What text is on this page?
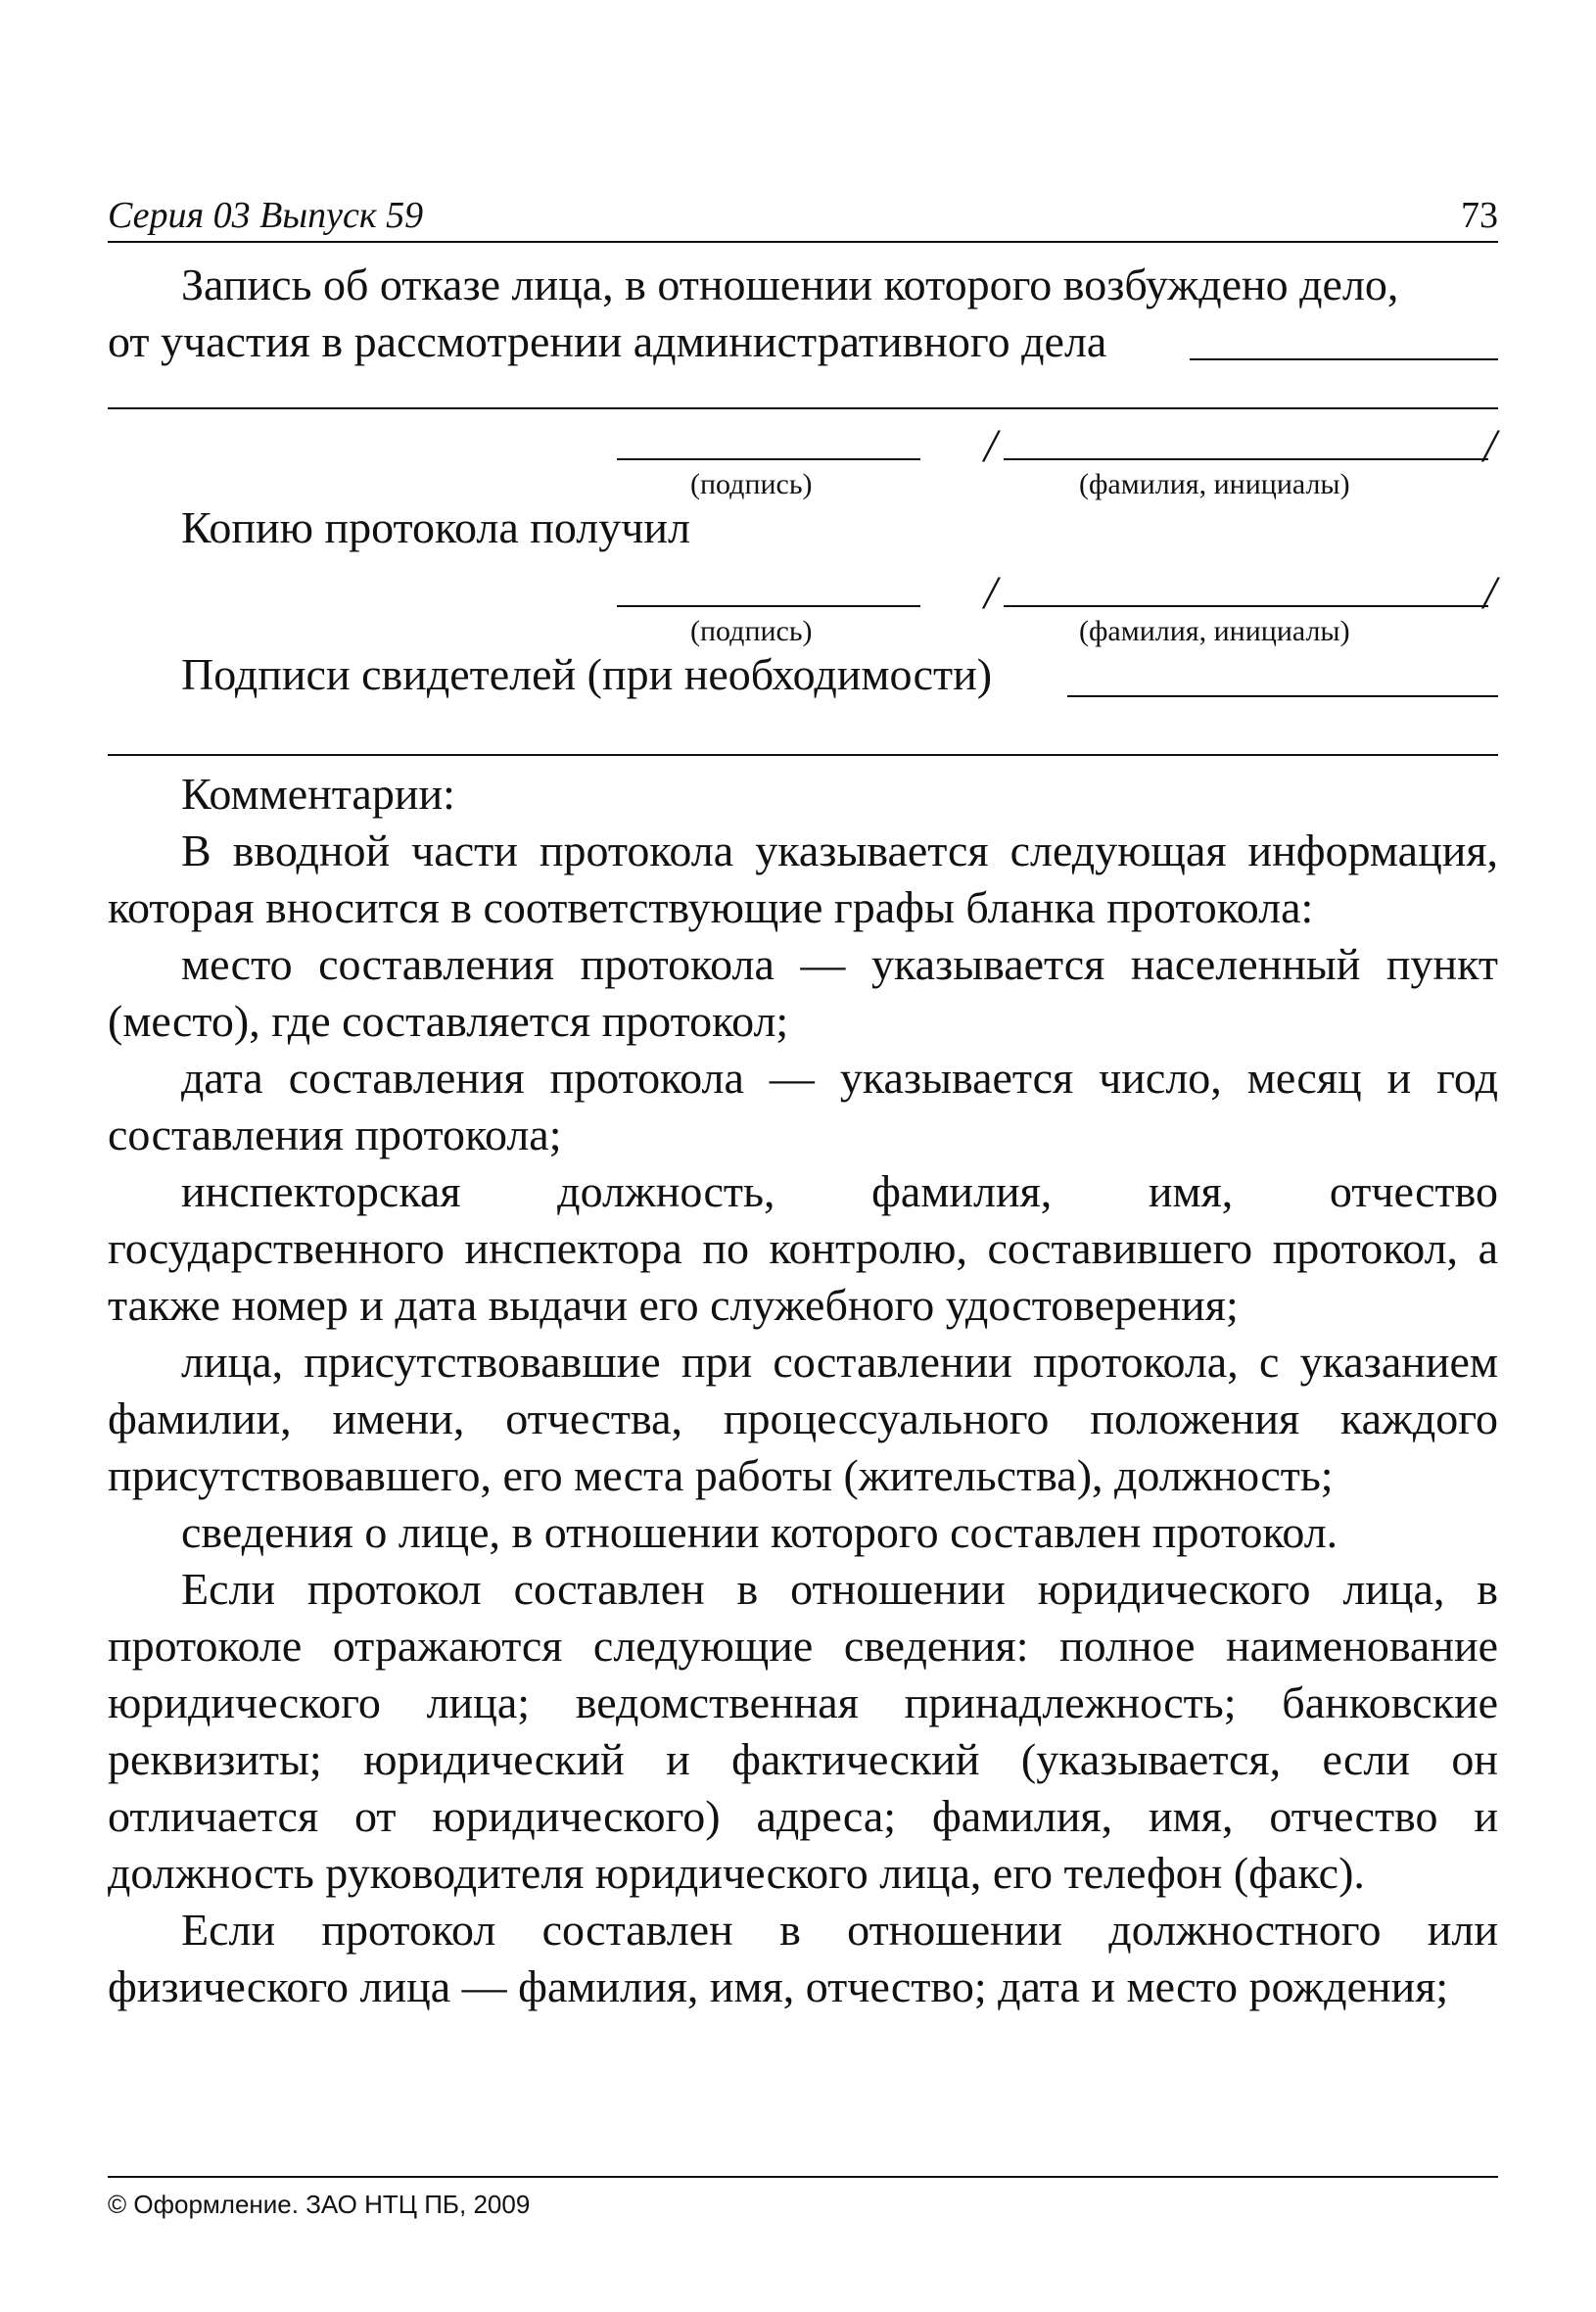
Серия 03 Выпуск 59	73

Запись об отказе лица, в отношении которого возбуждено дело,

от участия в рассмотрении административного дела
/	/
(подпись)	(фамилия, инициалы)

Копию протокола получил

/	/
(подпись)	(фамилия, инициалы)
Подписи свидетелей (при необходимости)

Комментарии:

В вводной части протокола указывается следующая информация, которая вносится в соответствующие графы бланка протокола:

место составления протокола — указывается населенный пункт (место), где составляется протокол;

дата составления протокола — указывается число, месяц и год составления протокола;

инспекторская должность, фамилия, имя, отчество государственного инспектора по контролю, составившего протокол, а также номер и дата выдачи его служебного удостоверения;

лица, присутствовавшие при составлении протокола, с указанием фамилии, имени, отчества, процессуального положения каждого присутствовавшего, его места работы (жительства), должность;

сведения о лице, в отношении которого составлен протокол.

Если протокол составлен в отношении юридического лица, в протоколе отражаются следующие сведения: полное наименование юридического лица; ведомственная принадлежность; банковские реквизиты; юридический и фактический (указывается, если он отличается от юридического) адреса; фамилия, имя, отчество и должность руководителя юридического лица, его телефон (факс).

Если протокол составлен в отношении должностного или физического лица — фамилия, имя, отчество; дата и место рождения;

© Оформление. ЗАО НТЦ ПБ, 2009
